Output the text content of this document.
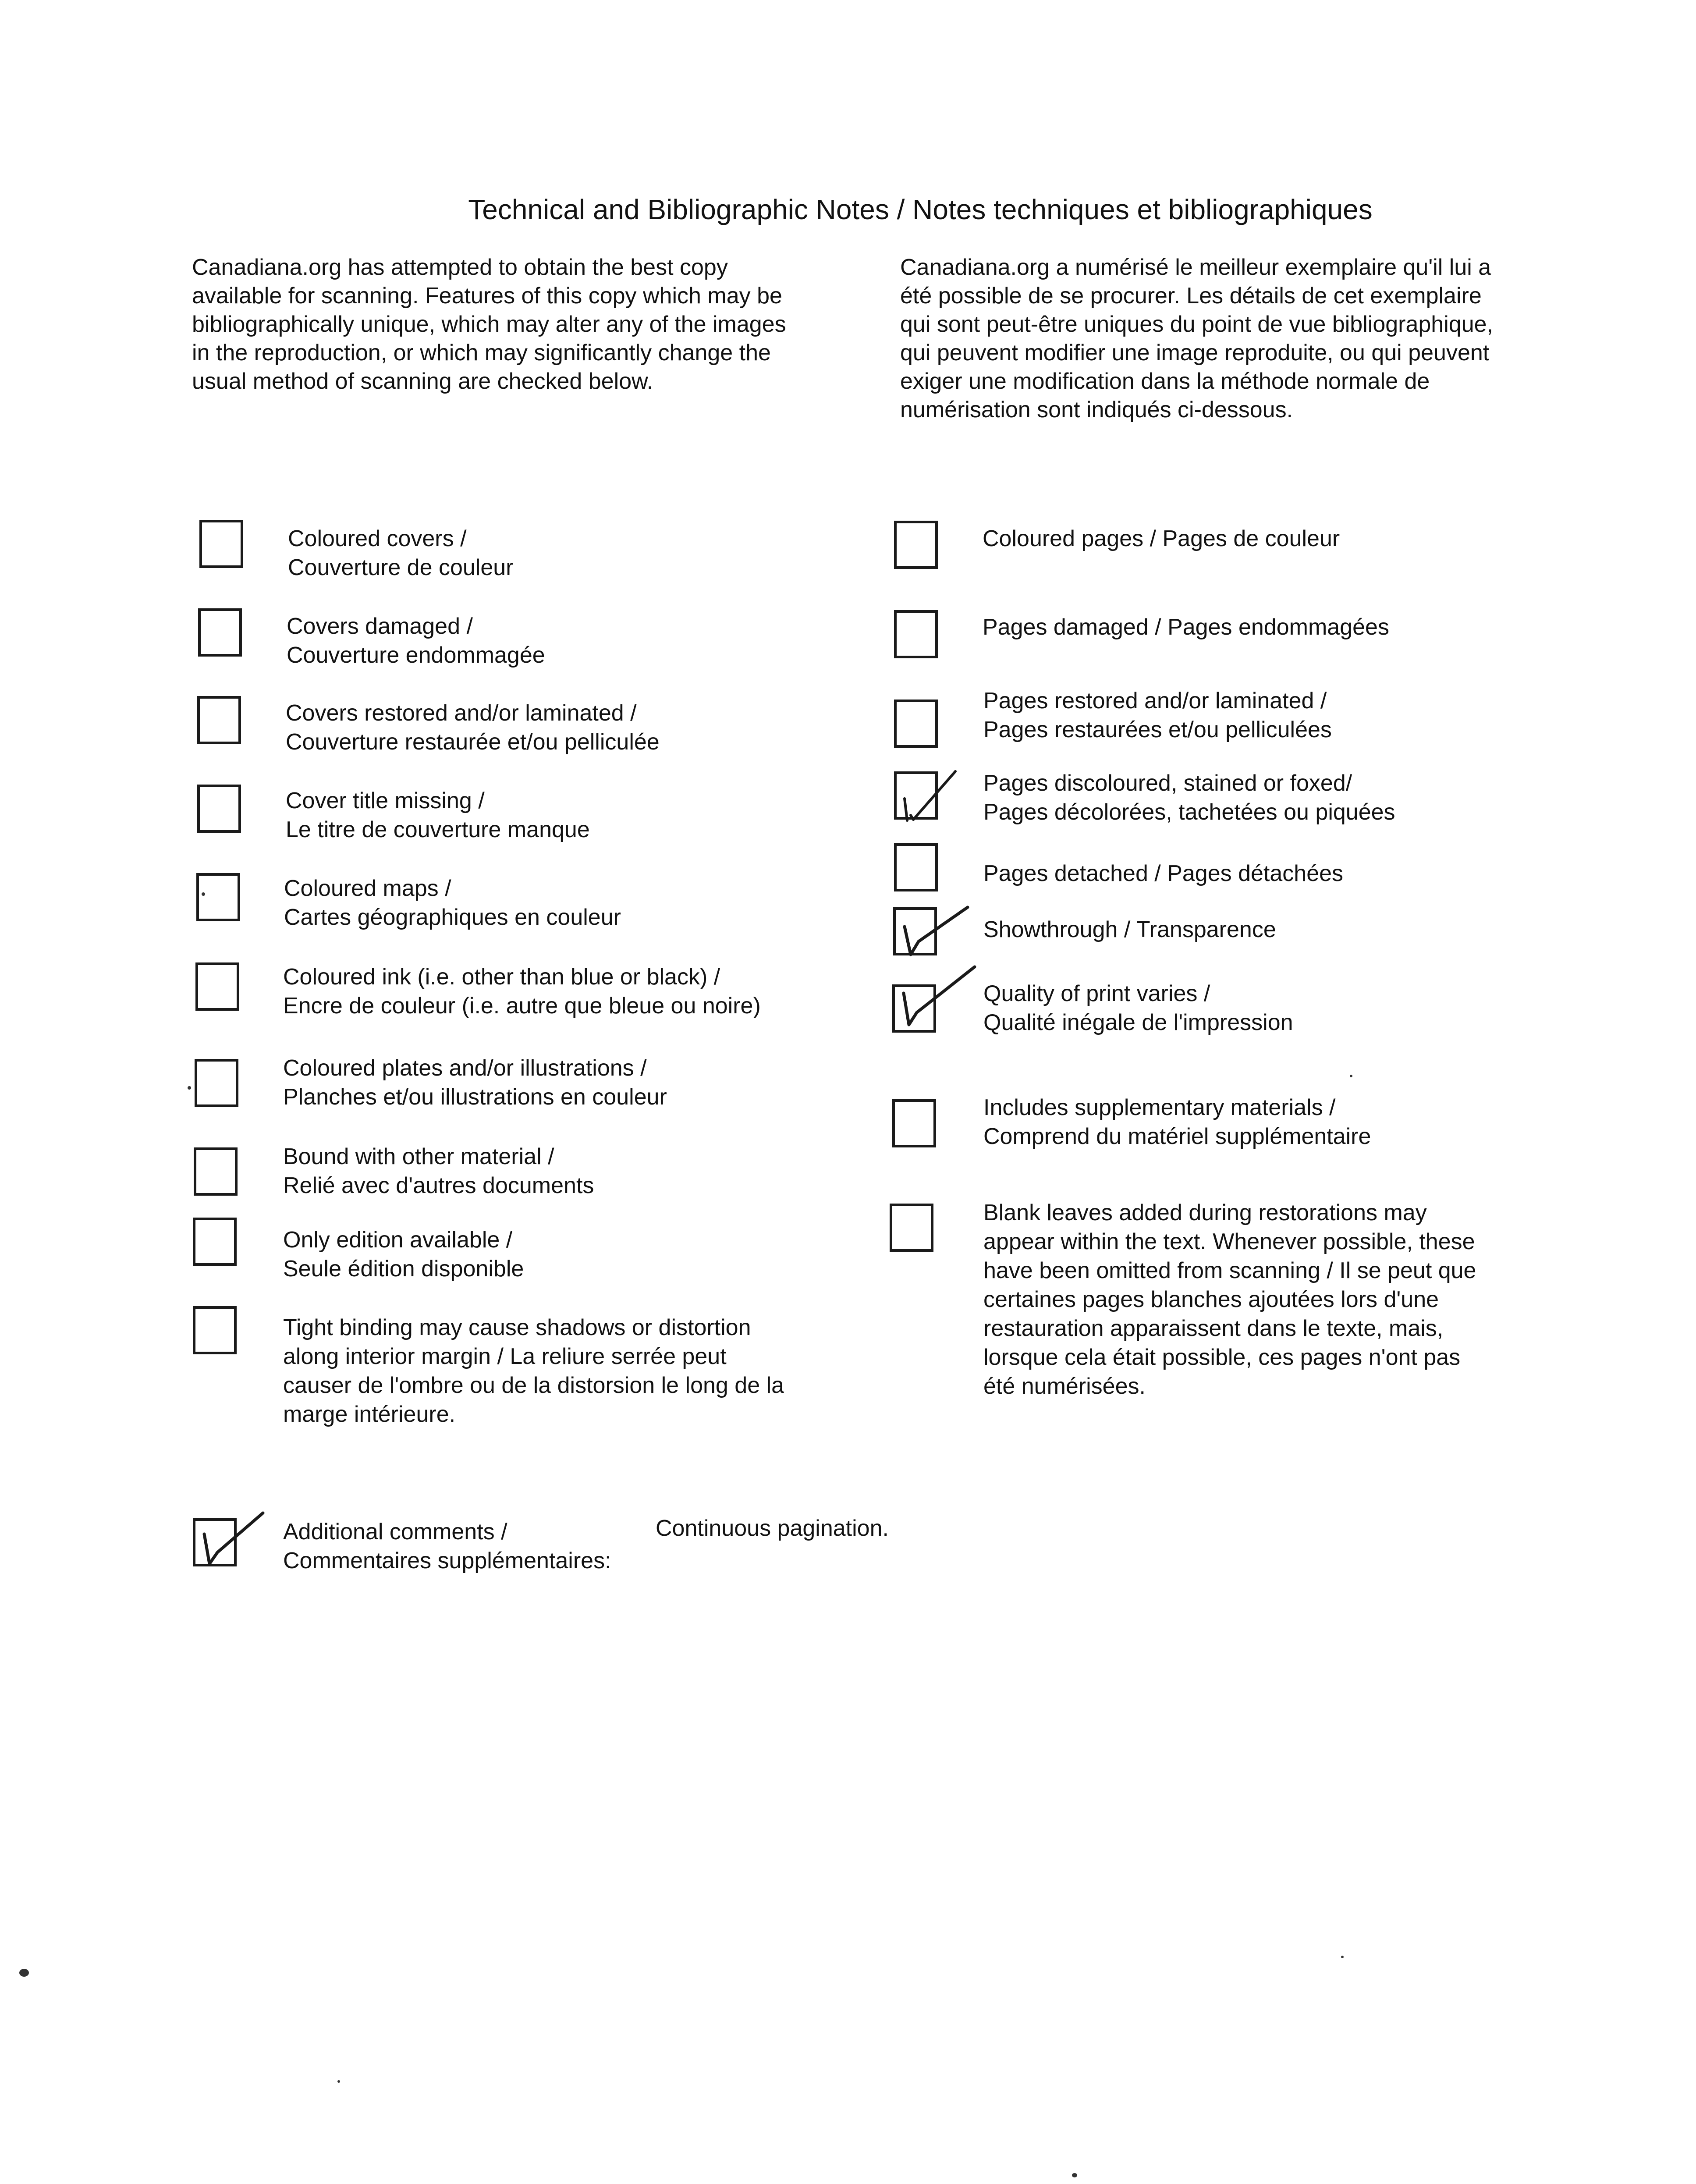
Technical and Bibliographic Notes / Notes techniques et bibliographiques
Canadiana.org has attempted to obtain the best copy
available for scanning. Features of this copy which may be
bibliographically unique, which may alter any of the images
in the reproduction, or which may significantly change the
usual method of scanning are checked below.
Canadiana.org a numérisé le meilleur exemplaire qu'il lui a
été possible de se procurer. Les détails de cet exemplaire
qui sont peut-être uniques du point de vue bibliographique,
qui peuvent modifier une image reproduite, ou qui peuvent
exiger une modification dans la méthode normale de
numérisation sont indiqués ci-dessous.
Coloured covers /
Couverture de couleur
Covers damaged /
Couverture endommagée
Covers restored and/or laminated /
Couverture restaurée et/ou pelliculée
Cover title missing /
Le titre de couverture manque
Coloured maps /
Cartes géographiques en couleur
Coloured ink (i.e. other than blue or black) /
Encre de couleur (i.e. autre que bleue ou noire)
Coloured plates and/or illustrations /
Planches et/ou illustrations en couleur
Bound with other material /
Relié avec d'autres documents
Only edition available /
Seule édition disponible
Tight binding may cause shadows or distortion
along interior margin / La reliure serrée peut
causer de l'ombre ou de la distorsion le long de la
marge intérieure.
Coloured pages / Pages de couleur
Pages damaged / Pages endommagées
Pages restored and/or laminated /
Pages restaurées et/ou pelliculées
Pages discoloured, stained or foxed/
Pages décolorées, tachetées ou piquées
Pages detached / Pages détachées
Showthrough / Transparence
Quality of print varies /
Qualité inégale de l'impression
Includes supplementary materials /
Comprend du matériel supplémentaire
Blank leaves added during restorations may
appear within the text. Whenever possible, these
have been omitted from scanning / Il se peut que
certaines pages blanches ajoutées lors d'une
restauration apparaissent dans le texte, mais,
lorsque cela était possible, ces pages n'ont pas
été numérisées.
Additional comments /
Commentaires supplémentaires:
Continuous pagination.
